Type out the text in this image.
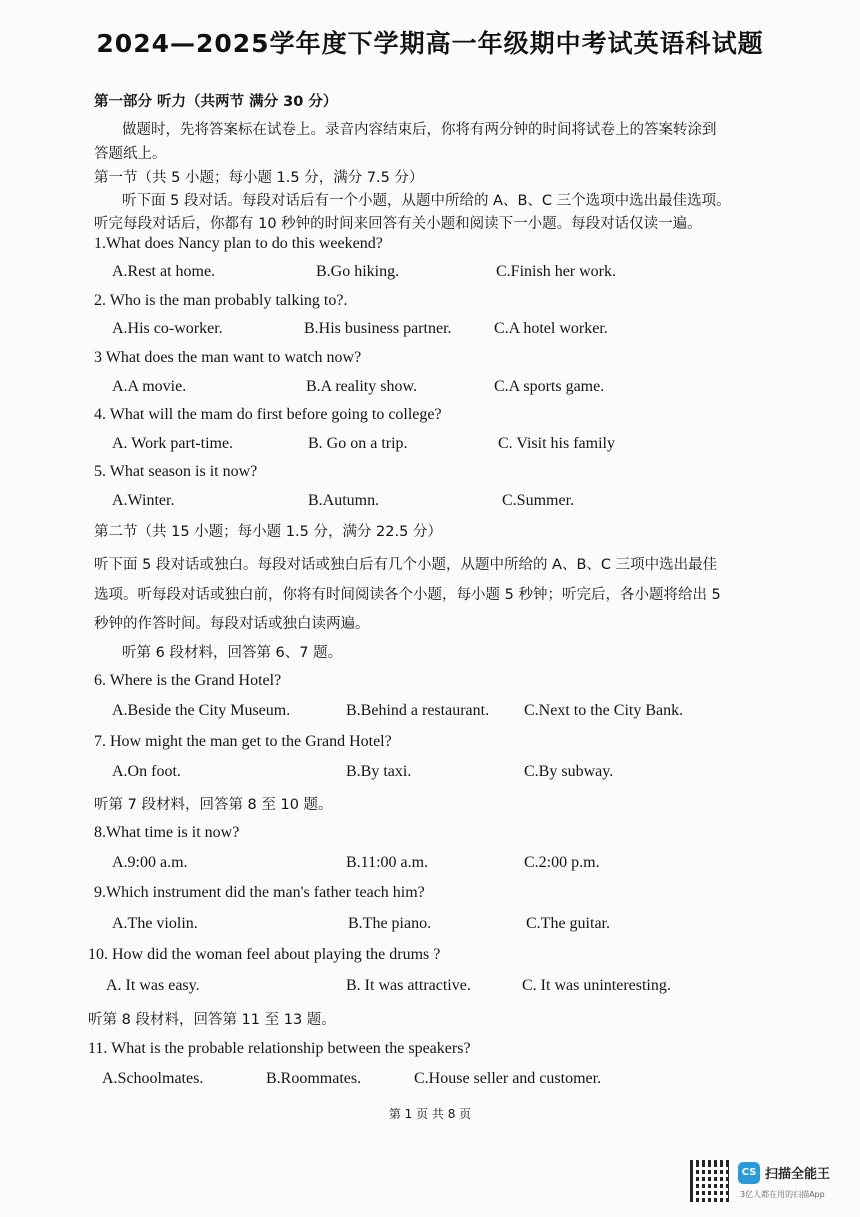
2024—2025学年度下学期高一年级期中考试英语科试题
第一部分 听力（共两节 满分 30 分）
做题时，先将答案标在试卷上。录音内容结束后，你将有两分钟的时间将试卷上的答案转涂到
答题纸上。
第一节（共 5 小题；每小题 1.5 分，满分 7.5 分）
听下面 5 段对话。每段对话后有一个小题，从题中所给的 A、B、C 三个选项中选出最佳选项。
听完每段对话后，你都有 10 秒钟的时间来回答有关小题和阅读下一小题。每段对话仅读一遍。
1.What does Nancy plan to do this weekend?
A.Rest at home.	B.Go hiking.	C.Finish her work.
2. Who is the man probably talking to?.
A.His co-worker.	B.His business partner.	C.A hotel worker.
3 What does the man want to watch now?
A.A movie.	B.A reality show.	C.A sports game.
4. What will the mam do first before going to college?
A. Work part-time.	B. Go on a trip.	C. Visit his family
5. What season is it now?
A.Winter.	B.Autumn.	C.Summer.
第二节（共 15 小题；每小题 1.5 分，满分 22.5 分）
听下面 5 段对话或独白。每段对话或独白后有几个小题，从题中所给的 A、B、C 三项中选出最佳
选项。听每段对话或独白前，你将有时间阅读各个小题，每小题 5 秒钟；听完后，各小题将给出 5
秒钟的作答时间。每段对话或独白读两遍。
听第 6 段材料，回答第 6、7 题。
6. Where is the Grand Hotel?
A.Beside the City Museum.	B.Behind a restaurant. C.Next to the City Bank.
7. How might the man get to the Grand Hotel?
A.On foot.	B.By taxi.	C.By subway.
听第 7 段材料，回答第 8 至 10 题。
8.What time is it now?
A.9:00 a.m.	B.11:00 a.m.	C.2:00 p.m.
9.Which instrument did the man's father teach him?
A.The violin.	B.The piano.	C.The guitar.
10. How did the woman feel about playing the drums ?
A. It was easy.	B. It was attractive.	C. It was uninteresting.
听第 8 段材料，回答第 11 至 13 题。
11. What is the probable relationship between the speakers?
A.Schoolmates.	B.Roommates.	C.House seller and customer.
第 1 页 共 8 页
CS 扫描全能王
3亿人都在用的扫描App
